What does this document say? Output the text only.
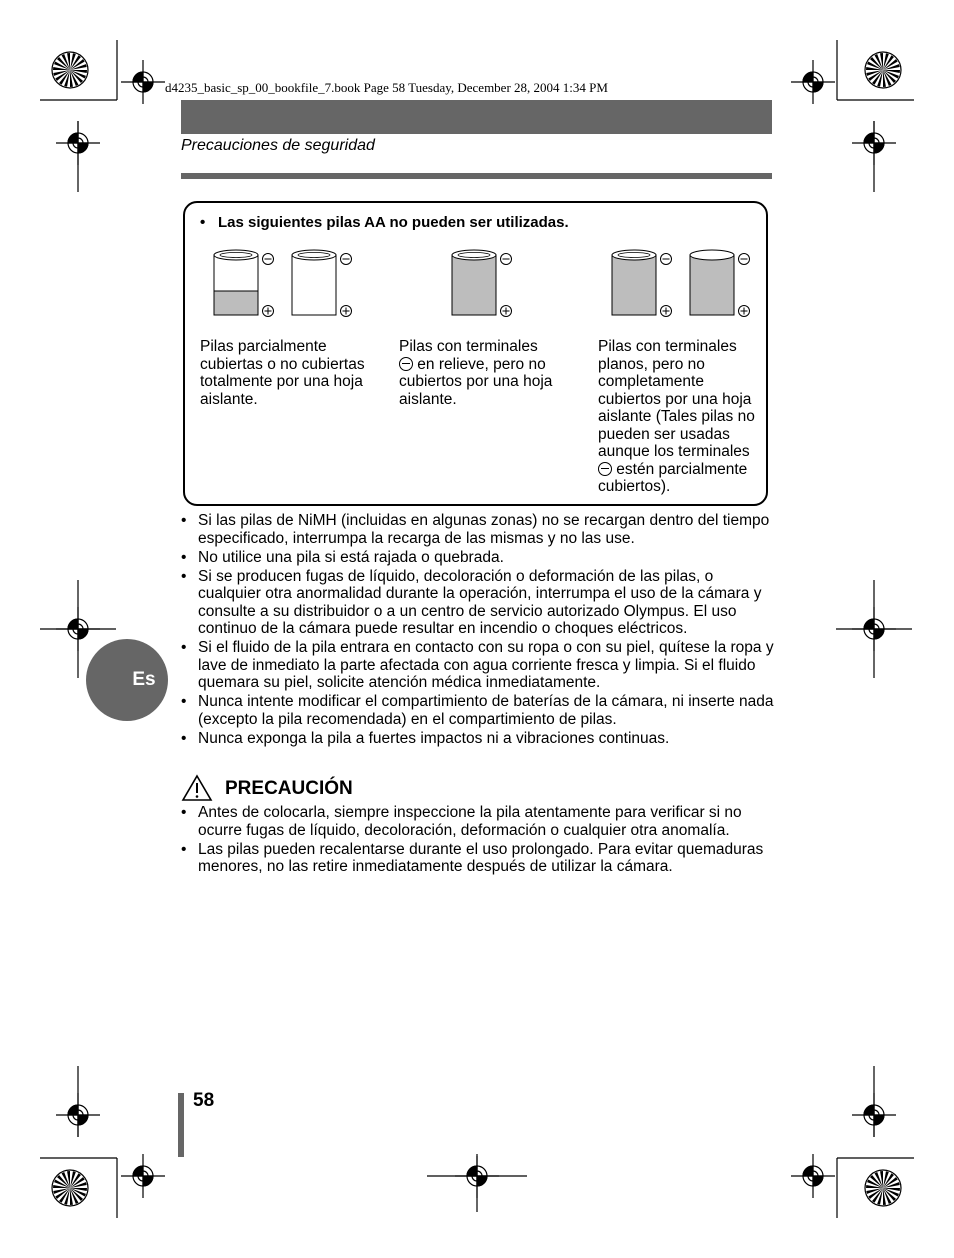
d4235_basic_sp_00_bookfile_7.book Page 58 Tuesday, December 28, 2004 1:34 PM
Precauciones de seguridad
• Las siguientes pilas AA no pueden ser utilizadas.
Pilas parcialmente cubiertas o no cubiertas totalmente por una hoja aislante.
Pilas con terminales
en relieve, pero no cubiertos por una hoja aislante.
Pilas con terminales planos, pero no completamente cubiertos por una hoja aislante (Tales pilas no pueden ser usadas aunque los terminales
estén parcialmente cubiertos).
• Si las pilas de NiMH (incluidas en algunas zonas) no se recargan dentro del tiempo especificado, interrumpa la recarga de las mismas y no las use.
• No utilice una pila si está rajada o quebrada.
• Si se producen fugas de líquido, decoloración o deformación de las pilas, o cualquier otra anormalidad durante la operación, interrumpa el uso de la cámara y consulte a su distribuidor o a un centro de servicio autorizado Olympus. El uso continuo de la cámara puede resultar en incendio o choques eléctricos.
• Si el fluido de la pila entrara en contacto con su ropa o con su piel, quítese la ropa y lave de inmediato la parte afectada con agua corriente fresca y limpia. Si el fluido quemara su piel, solicite atención médica inmediatamente.
• Nunca intente modificar el compartimiento de baterías de la cámara, ni inserte nada (excepto la pila recomendada) en el compartimiento de pilas.
• Nunca exponga la pila a fuertes impactos ni a vibraciones continuas.
PRECAUCIÓN
• Antes de colocarla, siempre inspeccione la pila atentamente para verificar si no ocurre fugas de líquido, decoloración, deformación o cualquier otra anomalía.
• Las pilas pueden recalentarse durante el uso prolongado. Para evitar quemaduras menores, no las retire inmediatamente después de utilizar la cámara.
Es
58
